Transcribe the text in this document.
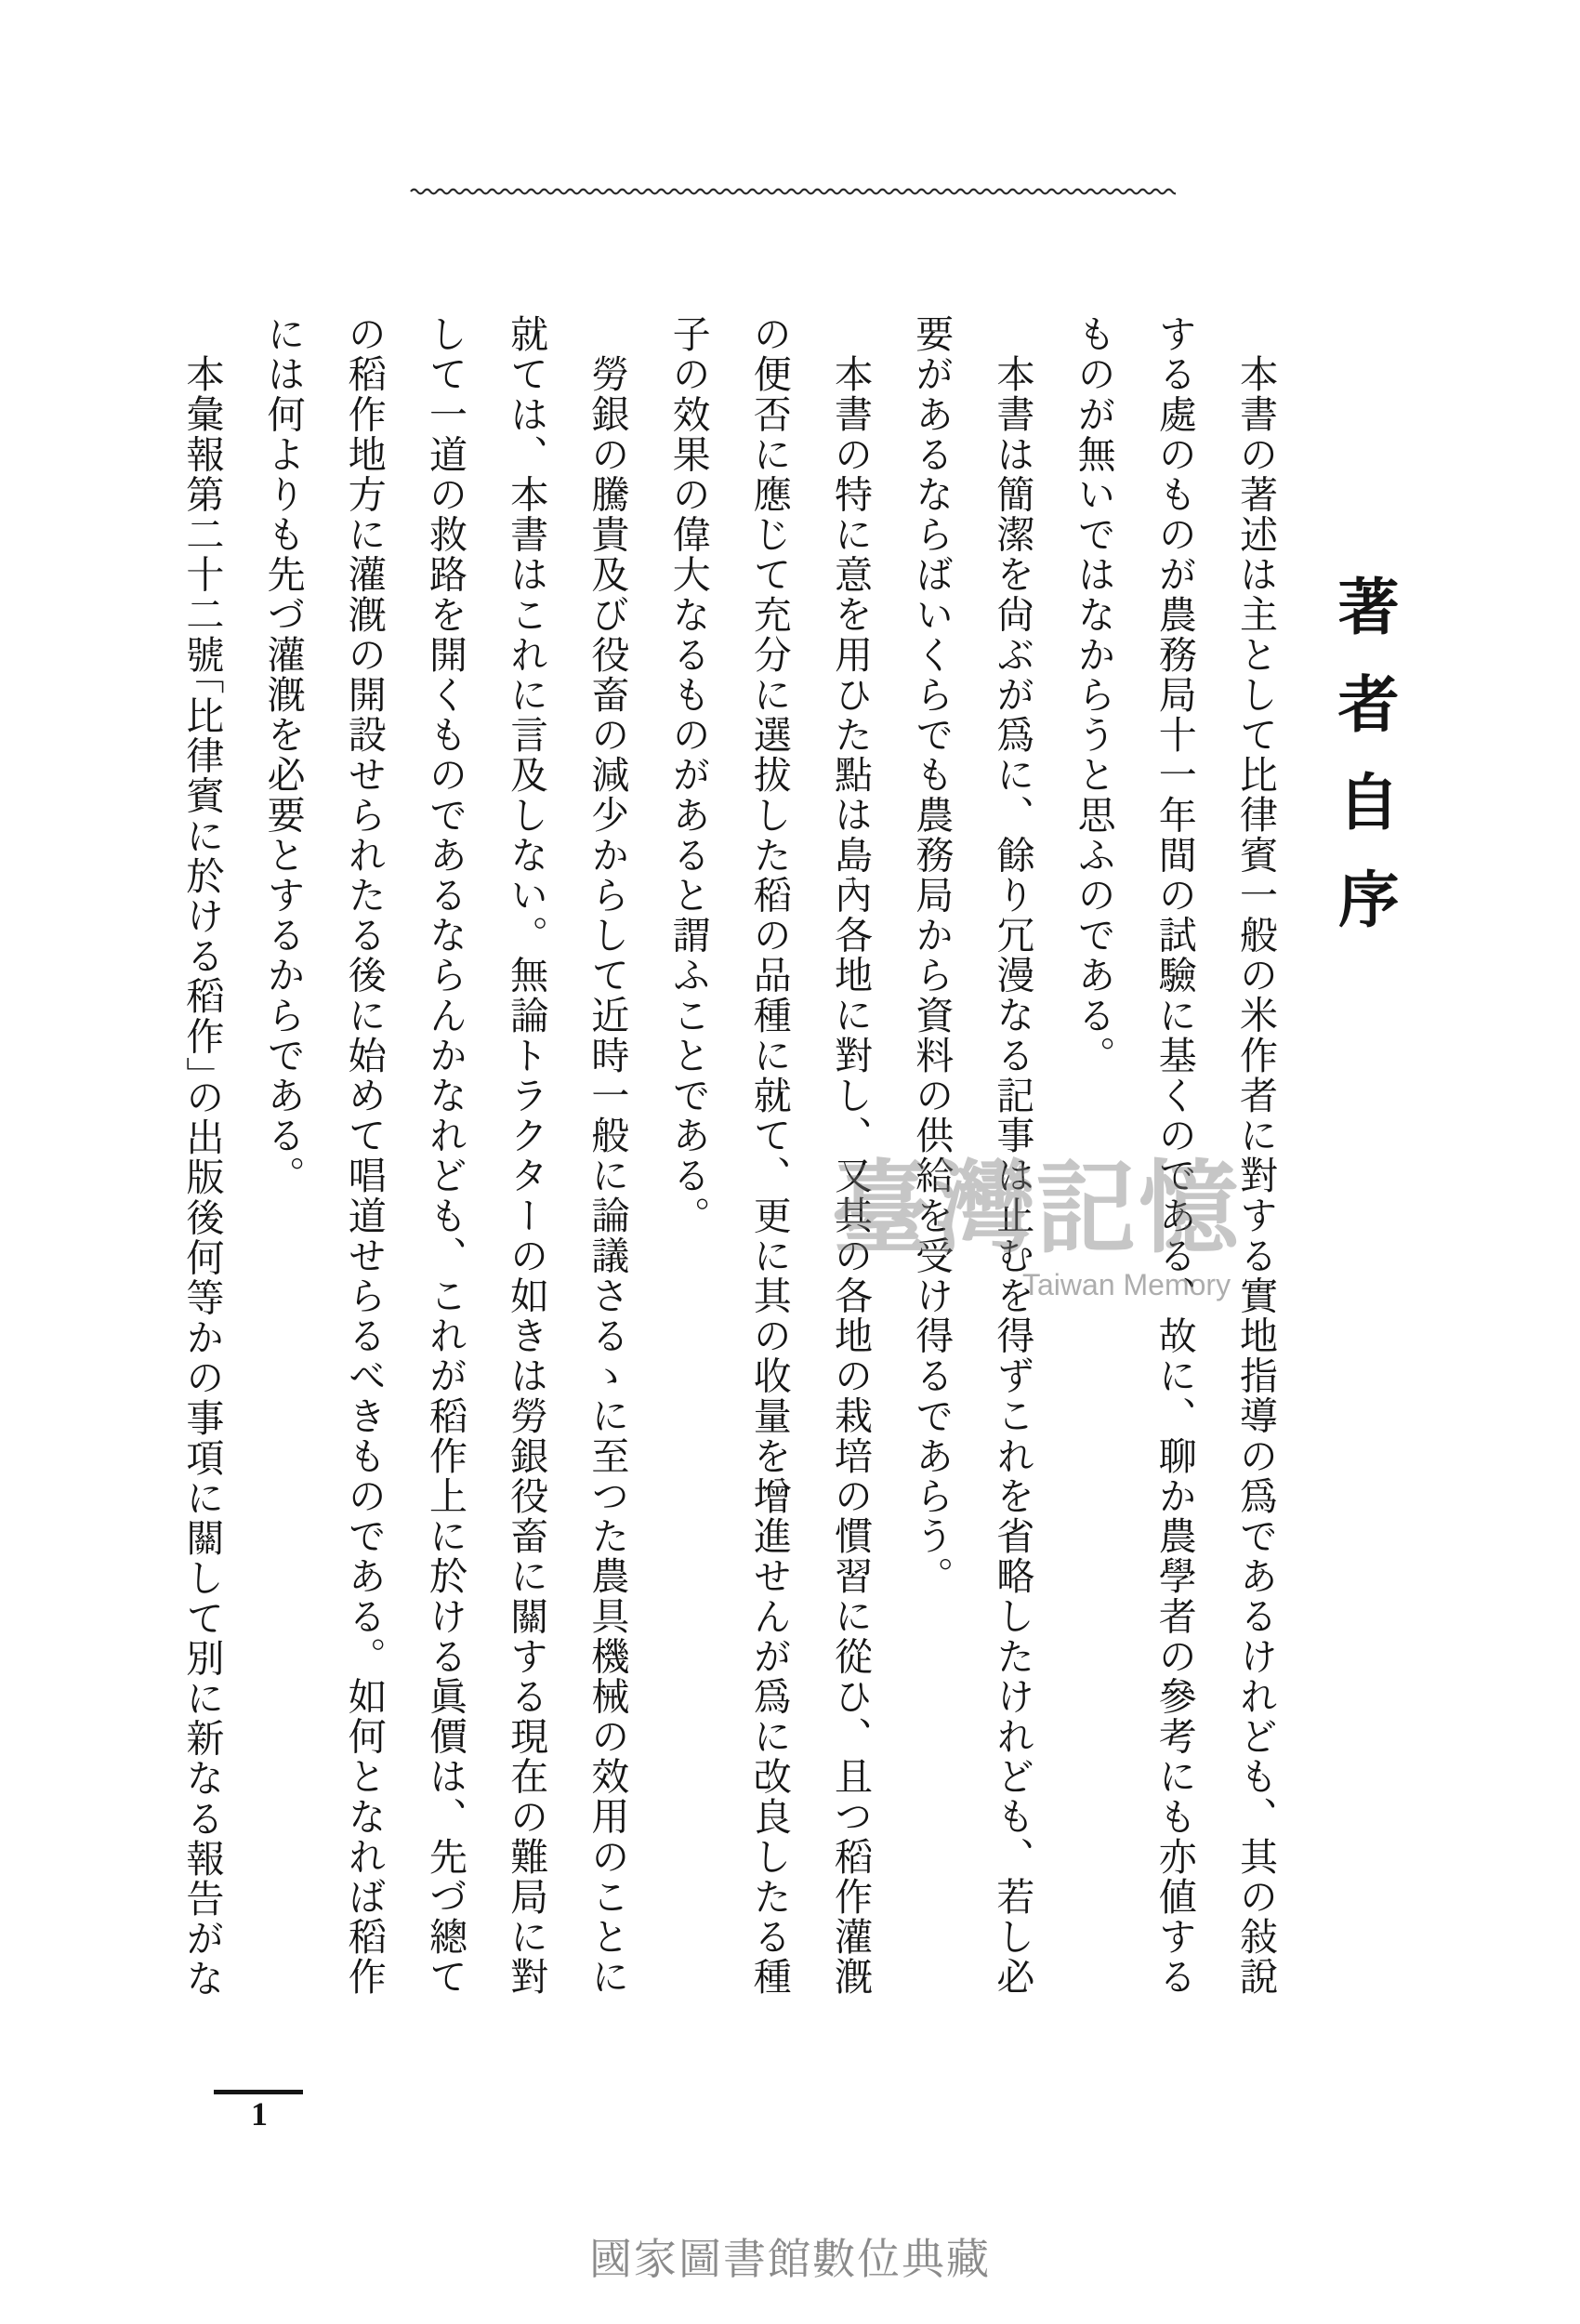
著者自序
本書の著述は主として比律賓一般の米作者に對する實地指導の爲であるけれども、其の敍說
する處のものが農務局十一年間の試驗に基くのである、故に、聊か農學者の參考にも亦値する
ものが無いではなからうと思ふのである。
本書は簡潔を尙ぶが爲に、餘り冗漫なる記事は止むを得ずこれを省略したけれども、若し必
要があるならばいくらでも農務局から資料の供給を受け得るであらう。
本書の特に意を用ひた點は島內各地に對し、又其の各地の栽培の慣習に從ひ、且つ稻作灌漑
の便否に應じて充分に選拔した稻の品種に就て、更に其の收量を增進せんが爲に改良したる種
子の效果の偉大なるものがあると謂ふことである。
勞銀の騰貴及び役畜の減少からして近時一般に論議さるゝに至つた農具機械の效用のことに
就ては、本書はこれに言及しない。無論トラクターの如きは勞銀役畜に關する現在の難局に對
して一道の救路を開くものであるならんかなれども、これが稻作上に於ける眞價は、先づ總て
の稻作地方に灌漑の開設せられたる後に始めて唱道せらるべきものである。如何となれば稻作
には何よりも先づ灌漑を必要とするからである。
本彙報第二十二號「比律賓に於ける稻作」の出版後何等かの事項に關して別に新なる報告がな	臺灣記憶
Taiwan Memory
1
國家圖書館數位典藏
